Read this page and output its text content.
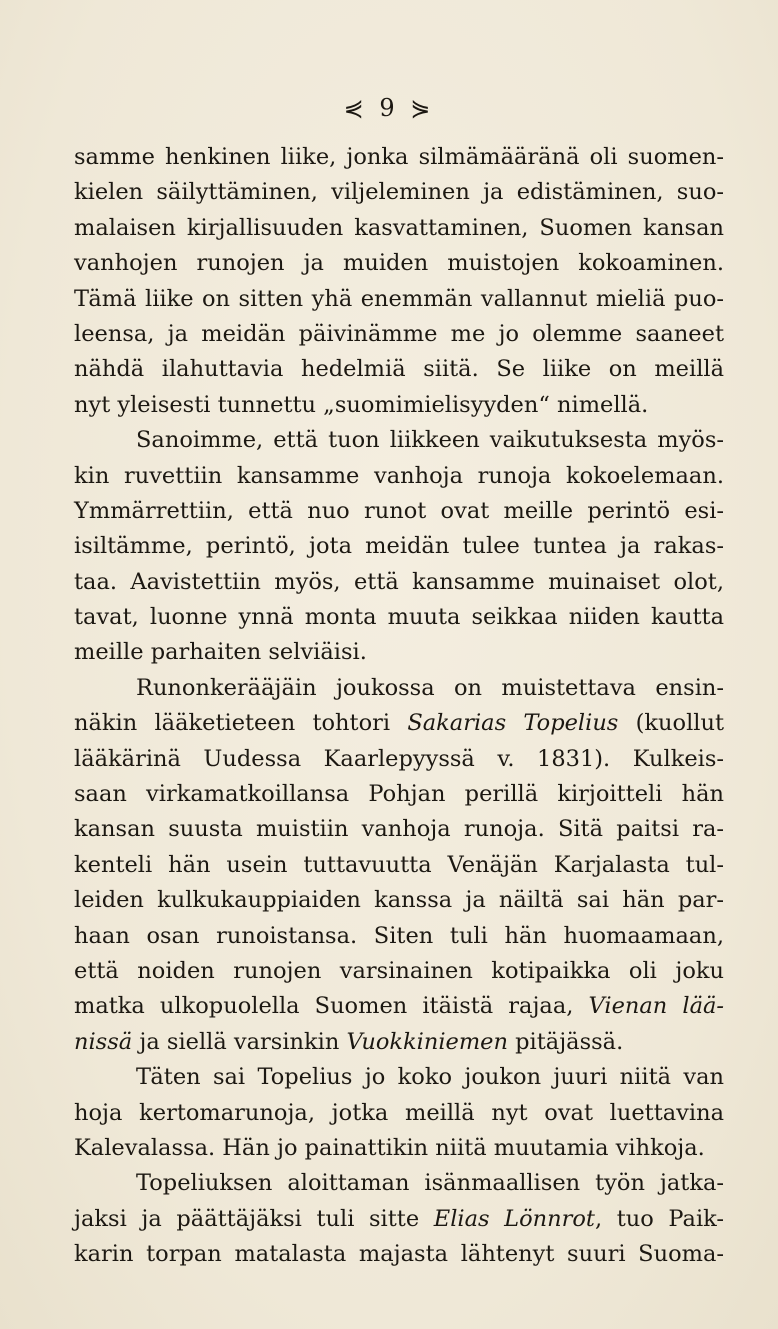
⋞ 9 ⋟
samme henkinen liike, jonka silmämääränä oli suomen-
kielen säilyttäminen, viljeleminen ja edistäminen, suo-
malaisen kirjallisuuden kasvattaminen, Suomen kansan
vanhojen runojen ja muiden muistojen kokoaminen.
Tämä liike on sitten yhä enemmän vallannut mieliä puo-
leensa, ja meidän päivinämme me jo olemme saaneet
nähdä ilahuttavia hedelmiä siitä. Se liike on meillä
nyt yleisesti tunnettu „suomimielisyyden“ nimellä.
Sanoimme, että tuon liikkeen vaikutuksesta myös-
kin ruvettiin kansamme vanhoja runoja kokoelemaan.
Ymmärrettiin, että nuo runot ovat meille perintö esi-
isiltämme, perintö, jota meidän tulee tuntea ja rakas-
taa. Aavistettiin myös, että kansamme muinaiset olot,
tavat, luonne ynnä monta muuta seikkaa niiden kautta
meille parhaiten selviäisi.
Runonkerääjäin joukossa on muistettava ensin-
näkin lääketieteen tohtori Sakarias Topelius (kuollut
lääkärinä Uudessa Kaarlepyyssä v. 1831). Kulkeis-
saan virkamatkoillansa Pohjan perillä kirjoitteli hän
kansan suusta muistiin vanhoja runoja. Sitä paitsi ra-
kenteli hän usein tuttavuutta Venäjän Karjalasta tul-
leiden kulkukauppiaiden kanssa ja näiltä sai hän par-
haan osan runoistansa. Siten tuli hän huomaamaan,
että noiden runojen varsinainen kotipaikka oli joku
matka ulkopuolella Suomen itäistä rajaa, Vienan lää-
nissä ja siellä varsinkin Vuokkiniemen pitäjässä.
Täten sai Topelius jo koko joukon juuri niitä van
hoja kertomarunoja, jotka meillä nyt ovat luettavina
Kalevalassa. Hän jo painattikin niitä muutamia vihkoja.
Topeliuksen aloittaman isänmaallisen työn jatka-
jaksi ja päättäjäksi tuli sitte Elias Lönnrot, tuo Paik-
karin torpan matalasta majasta lähtenyt suuri Suoma-
